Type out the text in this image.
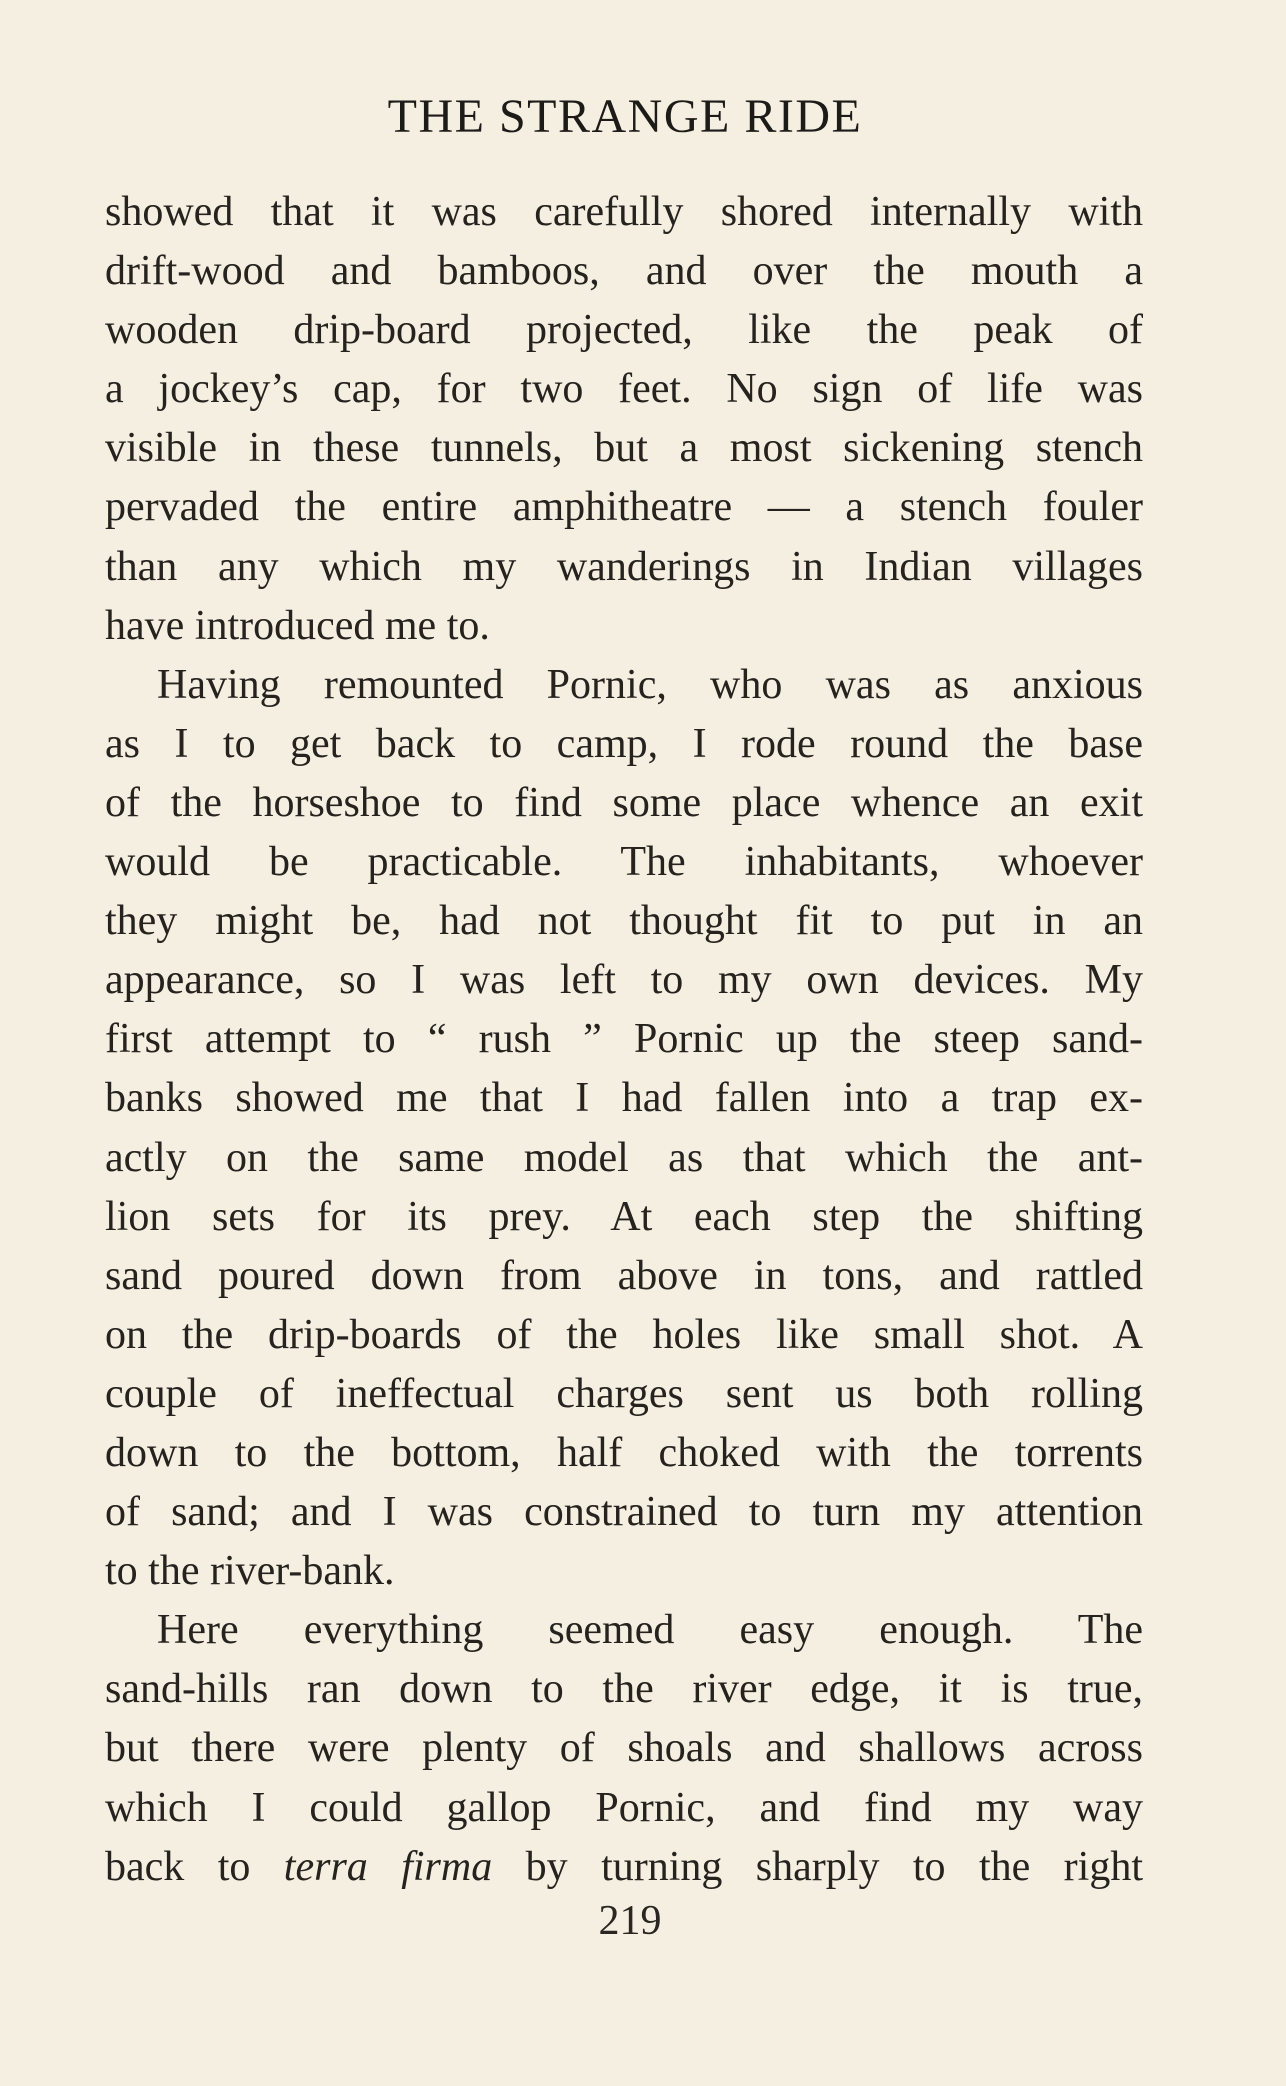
THE STRANGE RIDE
showed that it was carefully shored internally with
drift-wood and bamboos, and over the mouth a
wooden drip-board projected, like the peak of
a jockey’s cap, for two feet. No sign of life was
visible in these tunnels, but a most sickening stench
pervaded the entire amphitheatre — a stench fouler
than any which my wanderings in Indian villages
have introduced me to.
Having remounted Pornic, who was as anxious
as I to get back to camp, I rode round the base
of the horseshoe to find some place whence an exit
would be practicable. The inhabitants, whoever
they might be, had not thought fit to put in an
appearance, so I was left to my own devices. My
first attempt to “ rush ” Pornic up the steep sand-
banks showed me that I had fallen into a trap ex-
actly on the same model as that which the ant-
lion sets for its prey. At each step the shifting
sand poured down from above in tons, and rattled
on the drip-boards of the holes like small shot. A
couple of ineffectual charges sent us both rolling
down to the bottom, half choked with the torrents
of sand; and I was constrained to turn my attention
to the river-bank.
Here everything seemed easy enough. The
sand-hills ran down to the river edge, it is true,
but there were plenty of shoals and shallows across
which I could gallop Pornic, and find my way
back to terra firma by turning sharply to the right
219
